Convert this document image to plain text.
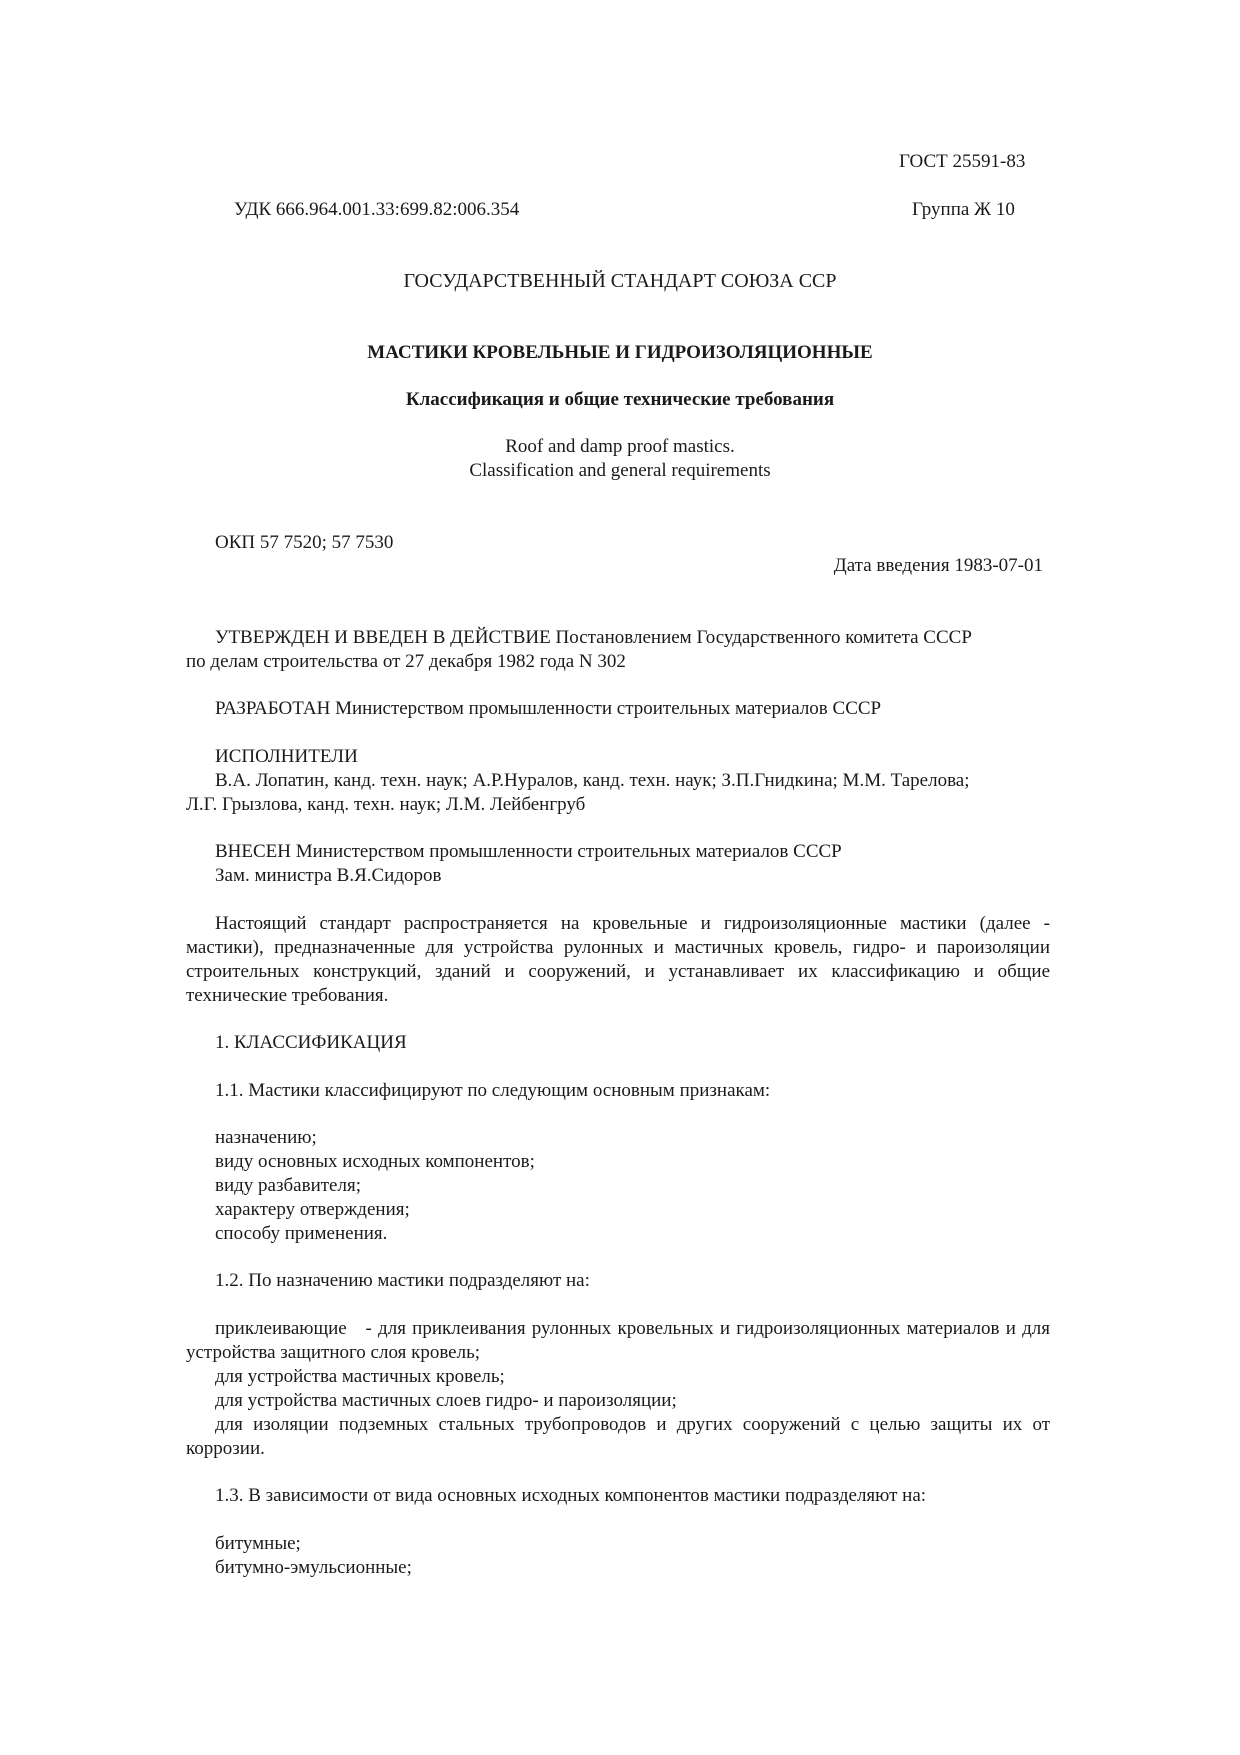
ГОСТ 25591-83
УДК 666.964.001.33:699.82:006.354	Группа Ж 10
ГОСУДАРСТВЕННЫЙ СТАНДАРТ СОЮЗА ССР
МАСТИКИ КРОВЕЛЬНЫЕ И ГИДРОИЗОЛЯЦИОННЫЕ
Классификация и общие технические требования
Roof and damp proof mastics.
Classification and general requirements
ОКП 57 7520; 57 7530
Дата введения 1983-07-01
УТВЕРЖДЕН И ВВЕДЕН В ДЕЙСТВИЕ Постановлением Государственного комитета СССР
по делам строительства от 27 декабря 1982 года N 302
РАЗРАБОТАН Министерством промышленности строительных материалов СССР
ИСПОЛНИТЕЛИ
В.А. Лопатин, канд. техн. наук; А.Р.Нуралов, канд. техн. наук; З.П.Гнидкина; М.М. Тарелова;
Л.Г. Грызлова, канд. техн. наук; Л.М. Лейбенгруб
ВНЕСЕН Министерством промышленности строительных материалов СССР
Зам. министра В.Я.Сидоров

Настоящий стандарт распространяется на кровельные и гидроизоляционные мастики (далее - мастики), предназначенные для устройства рулонных и мастичных кровель, гидро- и пароизоляции строительных конструкций, зданий и сооружений, и устанавливает их классификацию и общие технические требования.

1. КЛАССИФИКАЦИЯ
1.1. Мастики классифицируют по следующим основным признакам:
назначению;
виду основных исходных компонентов;
виду разбавителя;
характеру отверждения;
способу применения.
1.2. По назначению мастики подразделяют на:

приклеивающие   - для приклеивания рулонных кровельных и гидроизоляционных материалов и для устройства защитного слоя кровель;

для устройства мастичных кровель;
для устройства мастичных слоев гидро- и пароизоляции;

для изоляции подземных стальных трубопроводов и других сооружений с целью защиты их от коррозии.

1.3. В зависимости от вида основных исходных компонентов мастики подразделяют на:
битумные;
битумно-эмульсионные;
